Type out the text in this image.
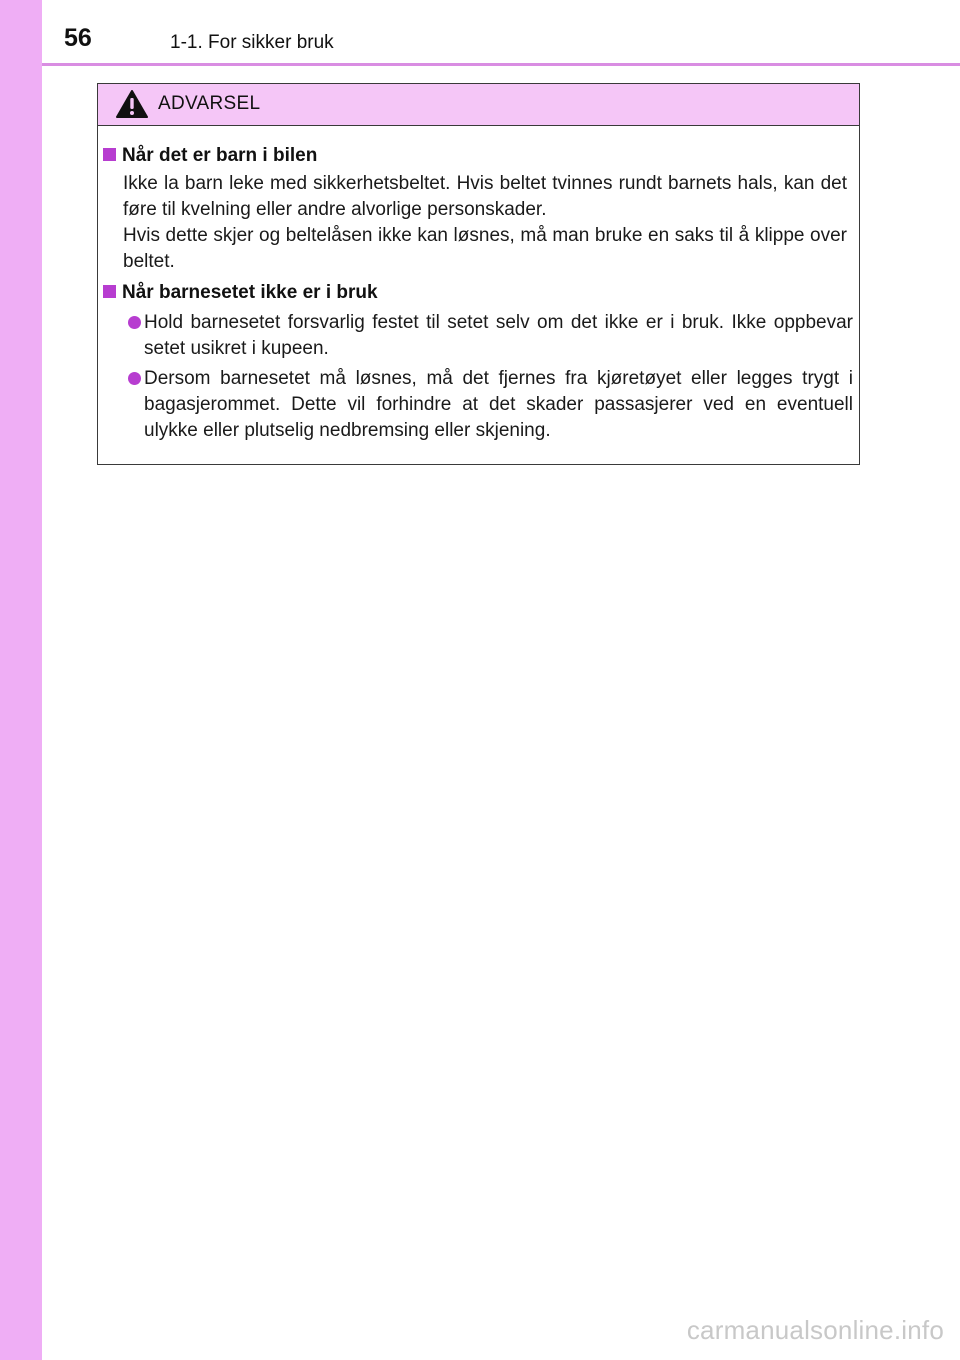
56	1-1. For sikker bruk
ADVARSEL
Når det er barn i bilen
Ikke la barn leke med sikkerhetsbeltet. Hvis beltet tvinnes rundt barnets hals, kan det føre til kvelning eller andre alvorlige personskader.
Hvis dette skjer og beltelåsen ikke kan løsnes, må man bruke en saks til å klippe over beltet.
Når barnesetet ikke er i bruk
Hold barnesetet forsvarlig festet til setet selv om det ikke er i bruk. Ikke oppbevar setet usikret i kupeen.
Dersom barnesetet må løsnes, må det fjernes fra kjøretøyet eller legges trygt i bagasjerommet. Dette vil forhindre at det skader passasjerer ved en eventuell ulykke eller plutselig nedbremsing eller skjening.
carmanualsonline.info
